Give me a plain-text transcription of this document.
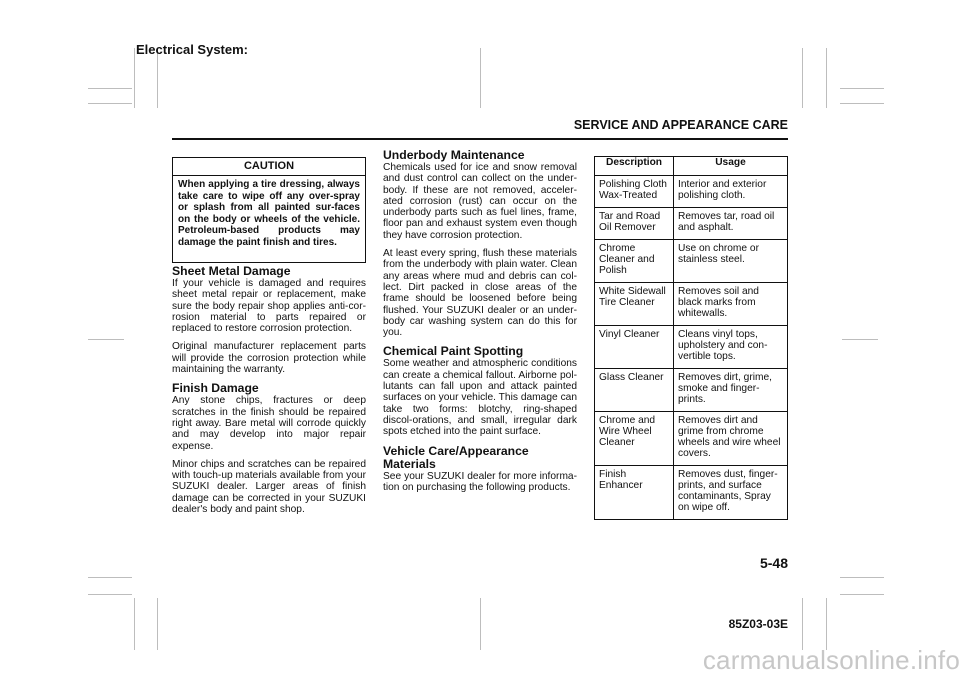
Electrical System:
SERVICE AND APPEARANCE CARE
CAUTION
When applying a tire dressing, always take care to wipe off any over-spray or splash from all painted sur-faces on the body or wheels of the vehicle. Petroleum-based products may damage the paint finish and tires.
Sheet Metal Damage

If your vehicle is damaged and requires sheet metal repair or replacement, make sure the body repair shop applies anti-cor-rosion material to parts repaired or replaced to restore corrosion protection.

Original manufacturer replacement parts will provide the corrosion protection while maintaining the warranty.

Finish Damage

Any stone chips, fractures or deep scratches in the finish should be repaired right away. Bare metal will corrode quickly and may develop into major repair expense.

Minor chips and scratches can be repaired with touch-up materials available from your SUZUKI dealer. Larger areas of finish damage can be corrected in your SUZUKI dealer's body and paint shop.

Underbody Maintenance

Chemicals used for ice and snow removal and dust control can collect on the under-body. If these are not removed, acceler-ated corrosion (rust) can occur on the underbody parts such as fuel lines, frame, floor pan and exhaust system even though they have corrosion protection.

At least every spring, flush these materials from the underbody with plain water. Clean any areas where mud and debris can col-lect. Dirt packed in close areas of the frame should be loosened before being flushed. Your SUZUKI dealer or an under-body car washing system can do this for you.

Chemical Paint Spotting

Some weather and atmospheric conditions can create a chemical fallout. Airborne pol-lutants can fall upon and attack painted surfaces on your vehicle. This damage can take two forms: blotchy, ring-shaped discol-orations, and small, irregular dark spots etched into the paint surface.

Vehicle Care/Appearance Materials

See your SUZUKI dealer for more informa-tion on purchasing the following products.

Description	Usage
Polishing Cloth Wax-Treated	Interior and exterior polishing cloth.
Tar and Road Oil Remover	Removes tar, road oil and asphalt.
Chrome Cleaner and Polish	Use on chrome or stainless steel.
White Sidewall Tire Cleaner	Removes soil and black marks from whitewalls.
Vinyl Cleaner	Cleans vinyl tops, upholstery and con-vertible tops.
Glass Cleaner	Removes dirt, grime, smoke and finger-prints.
Chrome and Wire Wheel Cleaner	Removes dirt and grime from chrome wheels and wire wheel covers.
Finish Enhancer	Removes dust, finger-prints, and surface contaminants, Spray on wipe off.
5-48
85Z03-03E
carmanualsonline.info
